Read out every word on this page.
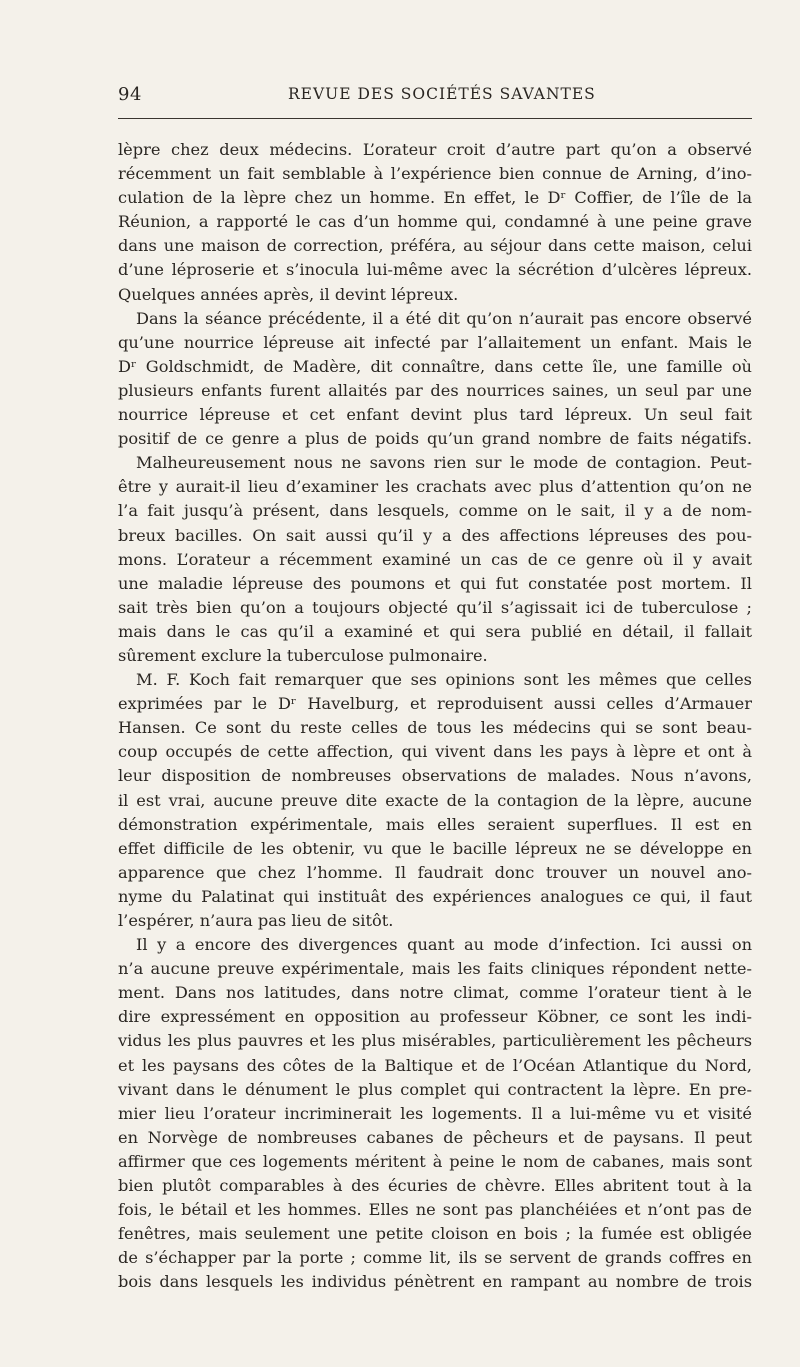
94	REVUE DES SOCIÉTÉS SAVANTES
lèpre chez deux médecins. L’orateur croit d’autre part qu’on a observé
récemment un fait semblable à l’expérience bien connue de Arning, d’ino-
culation de la lèpre chez un homme. En effet, le Dʳ Coffier, de l’île de la
Réunion, a rapporté le cas d’un homme qui, condamné à une peine grave
dans une maison de correction, préféra, au séjour dans cette maison, celui
d’une léproserie et s’inocula lui-même avec la sécrétion d’ulcères lépreux.
Quelques années après, il devint lépreux.
Dans la séance précédente, il a été dit qu’on n’aurait pas encore observé
qu’une nourrice lépreuse ait infecté par l’allaitement un enfant. Mais le
Dʳ Goldschmidt, de Madère, dit connaître, dans cette île, une famille où
plusieurs enfants furent allaités par des nourrices saines, un seul par une
nourrice lépreuse et cet enfant devint plus tard lépreux. Un seul fait
positif de ce genre a plus de poids qu’un grand nombre de faits négatifs.
Malheureusement nous ne savons rien sur le mode de contagion. Peut-
être y aurait-il lieu d’examiner les crachats avec plus d’attention qu’on ne
l’a fait jusqu’à présent, dans lesquels, comme on le sait, il y a de nom-
breux bacilles. On sait aussi qu’il y a des affections lépreuses des pou-
mons. L’orateur a récemment examiné un cas de ce genre où il y avait
une maladie lépreuse des poumons et qui fut constatée post mortem. Il
sait très bien qu’on a toujours objecté qu’il s’agissait ici de tuberculose ;
mais dans le cas qu’il a examiné et qui sera publié en détail, il fallait
sûrement exclure la tuberculose pulmonaire.
M. F. Koch fait remarquer que ses opinions sont les mêmes que celles
exprimées par le Dʳ Havelburg, et reproduisent aussi celles d’Armauer
Hansen. Ce sont du reste celles de tous les médecins qui se sont beau-
coup occupés de cette affection, qui vivent dans les pays à lèpre et ont à
leur disposition de nombreuses observations de malades. Nous n’avons,
il est vrai, aucune preuve dite exacte de la contagion de la lèpre, aucune
démonstration expérimentale, mais elles seraient superflues. Il est en
effet difficile de les obtenir, vu que le bacille lépreux ne se développe en
apparence que chez l’homme. Il faudrait donc trouver un nouvel ano-
nyme du Palatinat qui instituât des expériences analogues ce qui, il faut
l’espérer, n’aura pas lieu de sitôt.
Il y a encore des divergences quant au mode d’infection. Ici aussi on
n’a aucune preuve expérimentale, mais les faits cliniques répondent nette-
ment. Dans nos latitudes, dans notre climat, comme l’orateur tient à le
dire expressément en opposition au professeur Köbner, ce sont les indi-
vidus les plus pauvres et les plus misérables, particulièrement les pêcheurs
et les paysans des côtes de la Baltique et de l’Océan Atlantique du Nord,
vivant dans le dénument le plus complet qui contractent la lèpre. En pre-
mier lieu l’orateur incriminerait les logements. Il a lui-même vu et visité
en Norvège de nombreuses cabanes de pêcheurs et de paysans. Il peut
affirmer que ces logements méritent à peine le nom de cabanes, mais sont
bien plutôt comparables à des écuries de chèvre. Elles abritent tout à la
fois, le bétail et les hommes. Elles ne sont pas planchéiées et n’ont pas de
fenêtres, mais seulement une petite cloison en bois ; la fumée est obligée
de s’échapper par la porte ; comme lit, ils se servent de grands coffres en
bois dans lesquels les individus pénètrent en rampant au nombre de trois
